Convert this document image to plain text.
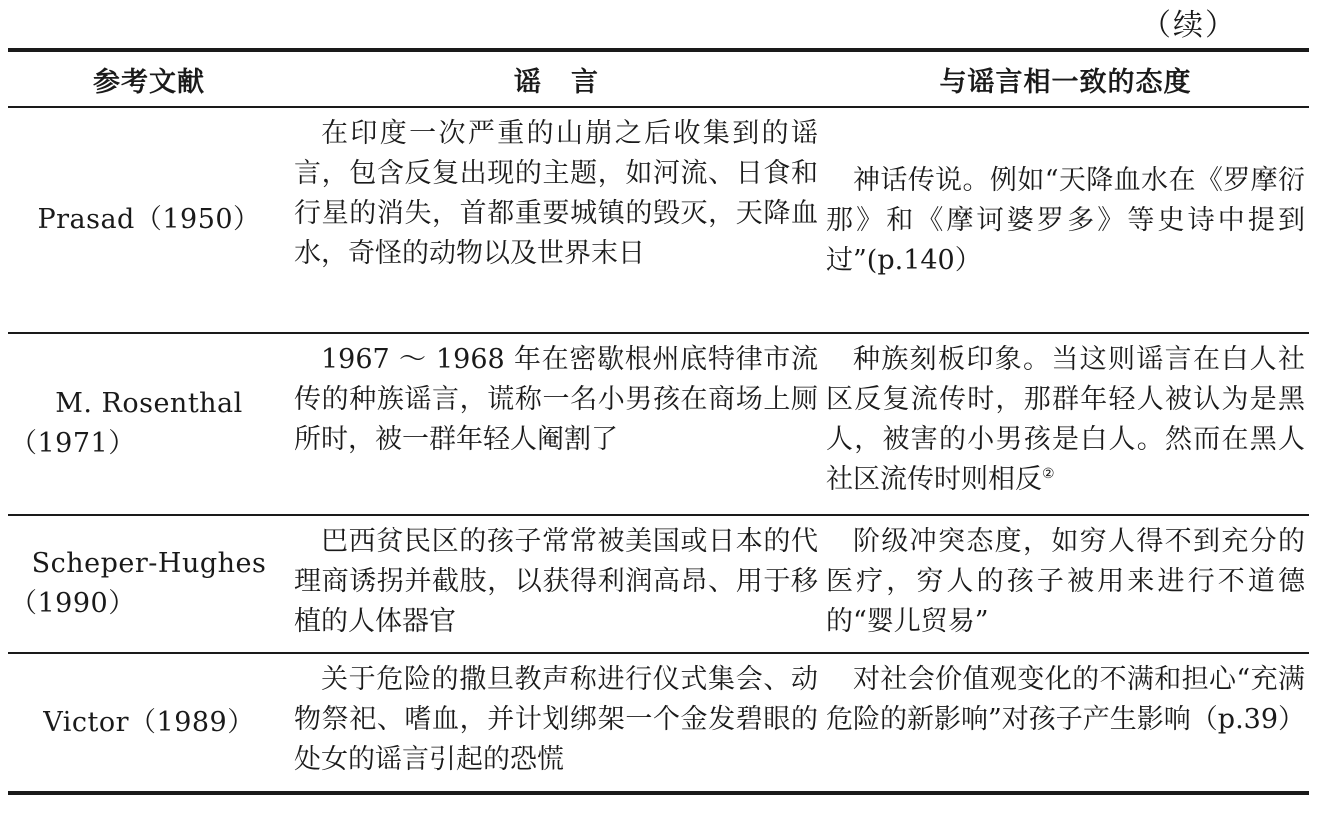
（续）
参考文献	谣言	与谣言相一致的态度

Prasad（1950）	在印度一次严重的山崩之后收集到的谣言，包含反复出现的主题，如河流、日食和行星的消失，首都重要城镇的毁灭，天降血水，奇怪的动物以及世界末日	神话传说。例如“天降血水在《罗摩衍那》和《摩诃婆罗多》等史诗中提到过”(p.140）

M. Rosenthal
（1971）	1967 ～ 1968 年在密歇根州底特律市流传的种族谣言，谎称一名小男孩在商场上厕所时，被一群年轻人阉割了	种族刻板印象。当这则谣言在白人社区反复流传时，那群年轻人被认为是黑人，被害的小男孩是白人。然而在黑人社区流传时则相反②

Scheper-Hughes
（1990）	巴西贫民区的孩子常常被美国或日本的代理商诱拐并截肢，以获得利润高昂、用于移植的人体器官	阶级冲突态度，如穷人得不到充分的医疗，穷人的孩子被用来进行不道德的“婴儿贸易”

Victor（1989）	关于危险的撒旦教声称进行仪式集会、动物祭祀、嗜血，并计划绑架一个金发碧眼的处女的谣言引起的恐慌	对社会价值观变化的不满和担心“充满危险的新影响”对孩子产生影响（p.39）
